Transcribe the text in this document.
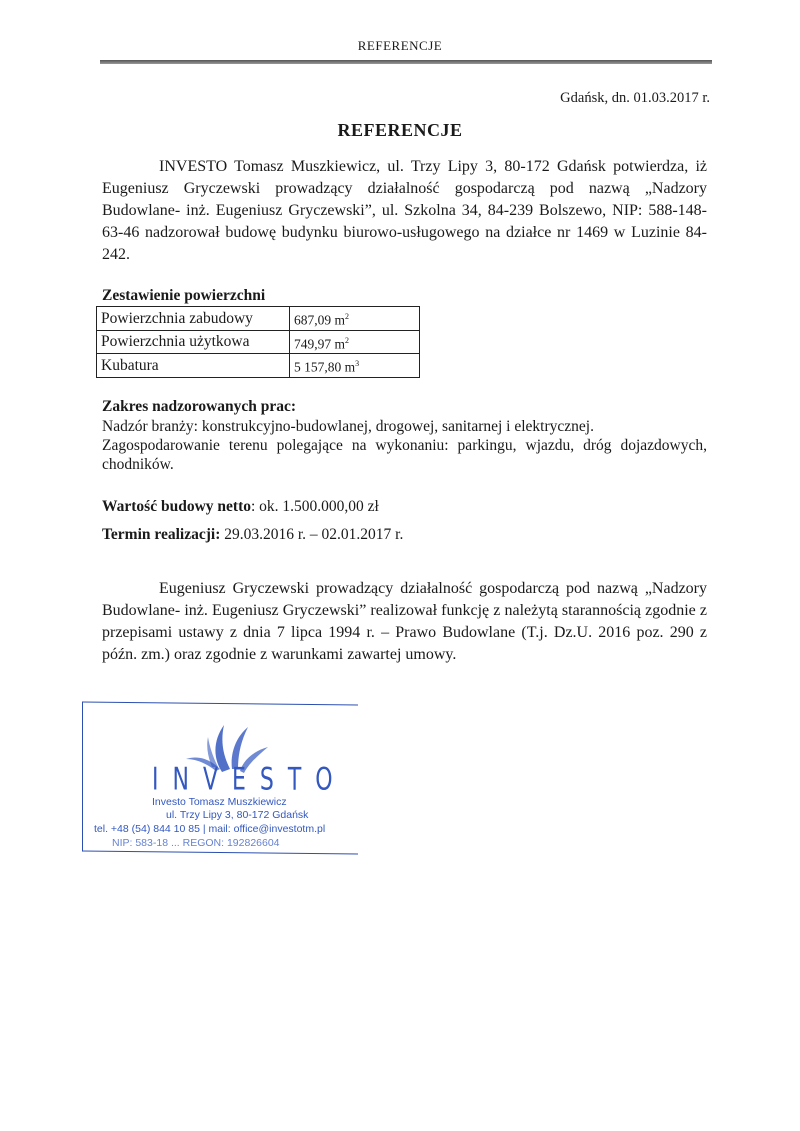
REFERENCJE
Gdańsk, dn. 01.03.2017 r.
REFERENCJE
INVESTO Tomasz Muszkiewicz, ul. Trzy Lipy 3, 80-172 Gdańsk potwierdza, iż Eugeniusz Gryczewski prowadzący działalność gospodarczą pod nazwą „Nadzory Budowlane- inż. Eugeniusz Gryczewski”, ul. Szkolna 34, 84-239 Bolszewo, NIP: 588-148-63-46 nadzorował budowę budynku biurowo-usługowego na działce nr 1469 w Luzinie 84-242.
Zestawienie powierzchni
Powierzchnia zabudowy	687,09 $m^2$
Powierzchnia użytkowa	749,97 $m^2$
Kubatura	5 157,80 $m^3$
Zakres nadzorowanych prac:
Nadzór branży: konstrukcyjno-budowlanej, drogowej, sanitarnej i elektrycznej.
Zagospodarowanie terenu polegające na wykonaniu: parkingu, wjazdu, dróg dojazdowych, chodników.
Wartość budowy netto: ok. 1.500.000,00 zł
Termin realizacji: 29.03.2016 r. – 02.01.2017 r.
Eugeniusz Gryczewski prowadzący działalność gospodarczą pod nazwą „Nadzory Budowlane- inż. Eugeniusz Gryczewski” realizował funkcję z należytą starannością zgodnie z przepisami ustawy z dnia 7 lipca 1994 r. – Prawo Budowlane (T.j. Dz.U. 2016 poz. 290 z późn. zm.) oraz zgodnie z warunkami zawartej umowy.
INVESTO
Investo Tomasz Muszkiewicz
ul. Trzy Lipy 3, 80-172 Gdańsk
tel. +48 (54) 844 10 85 | mail: office@investotm.pl
NIP: 583-18 ... REGON: 192826604
